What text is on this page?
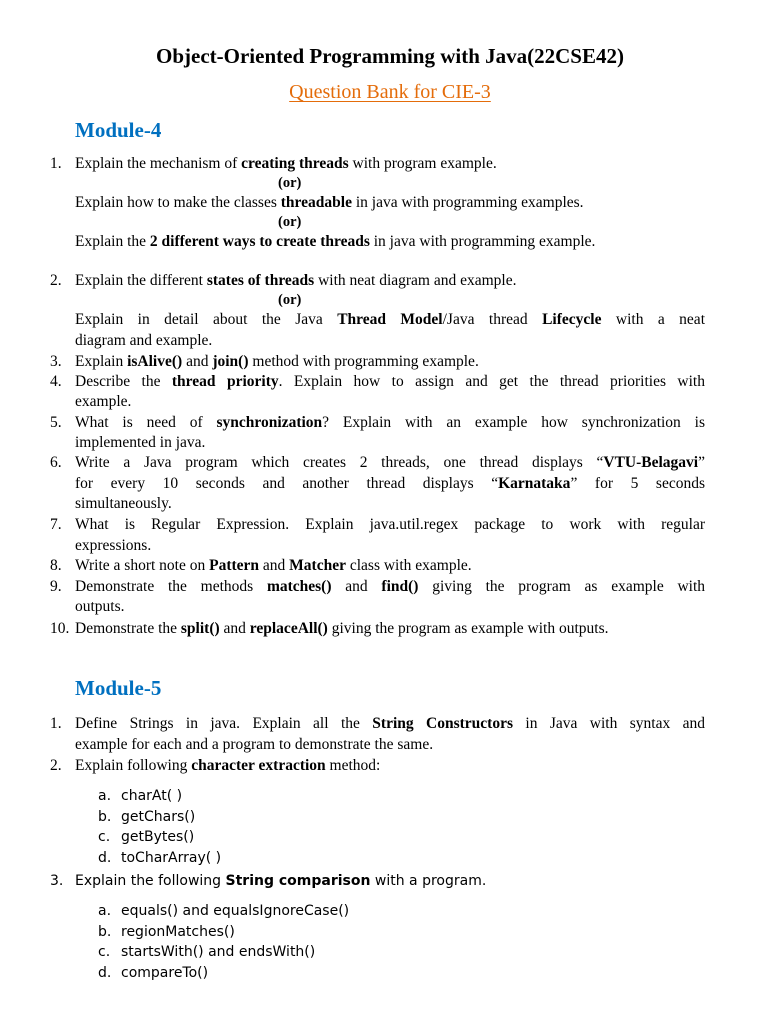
Object-Oriented Programming with Java(22CSE42)
Question Bank for CIE-3
Module-4
1. Explain the mechanism of creating threads with program example.
(or)
Explain how to make the classes threadable in java with programming examples.
(or)
Explain the 2 different ways to create threads in java with programming example.
2. Explain the different states of threads with neat diagram and example.
(or)
Explain in detail about the Java Thread Model/Java thread Lifecycle with a neat
diagram and example.
3. Explain isAlive() and join() method with programming example.
4. Describe the thread priority. Explain how to assign and get the thread priorities with
example.
5. What is need of synchronization? Explain with an example how synchronization is
implemented in java.
6. Write a Java program which creates 2 threads, one thread displays “VTU-Belagavi”
for every 10 seconds and another thread displays “Karnataka” for 5 seconds
simultaneously.
7. What is Regular Expression. Explain java.util.regex package to work with regular
expressions.
8. Write a short note on Pattern and Matcher class with example.
9. Demonstrate the methods matches() and find() giving the program as example with
outputs.
10. Demonstrate the split() and replaceAll() giving the program as example with outputs.
Module-5
1. Define Strings in java. Explain all the String Constructors in Java with syntax and
example for each and a program to demonstrate the same.
2. Explain following character extraction method:
a. charAt( )
b. getChars()
c. getBytes()
d. toCharArray( )
3. Explain the following String comparison with a program.
a. equals() and equalsIgnoreCase()
b. regionMatches()
c. startsWith() and endsWith()
d. compareTo()
